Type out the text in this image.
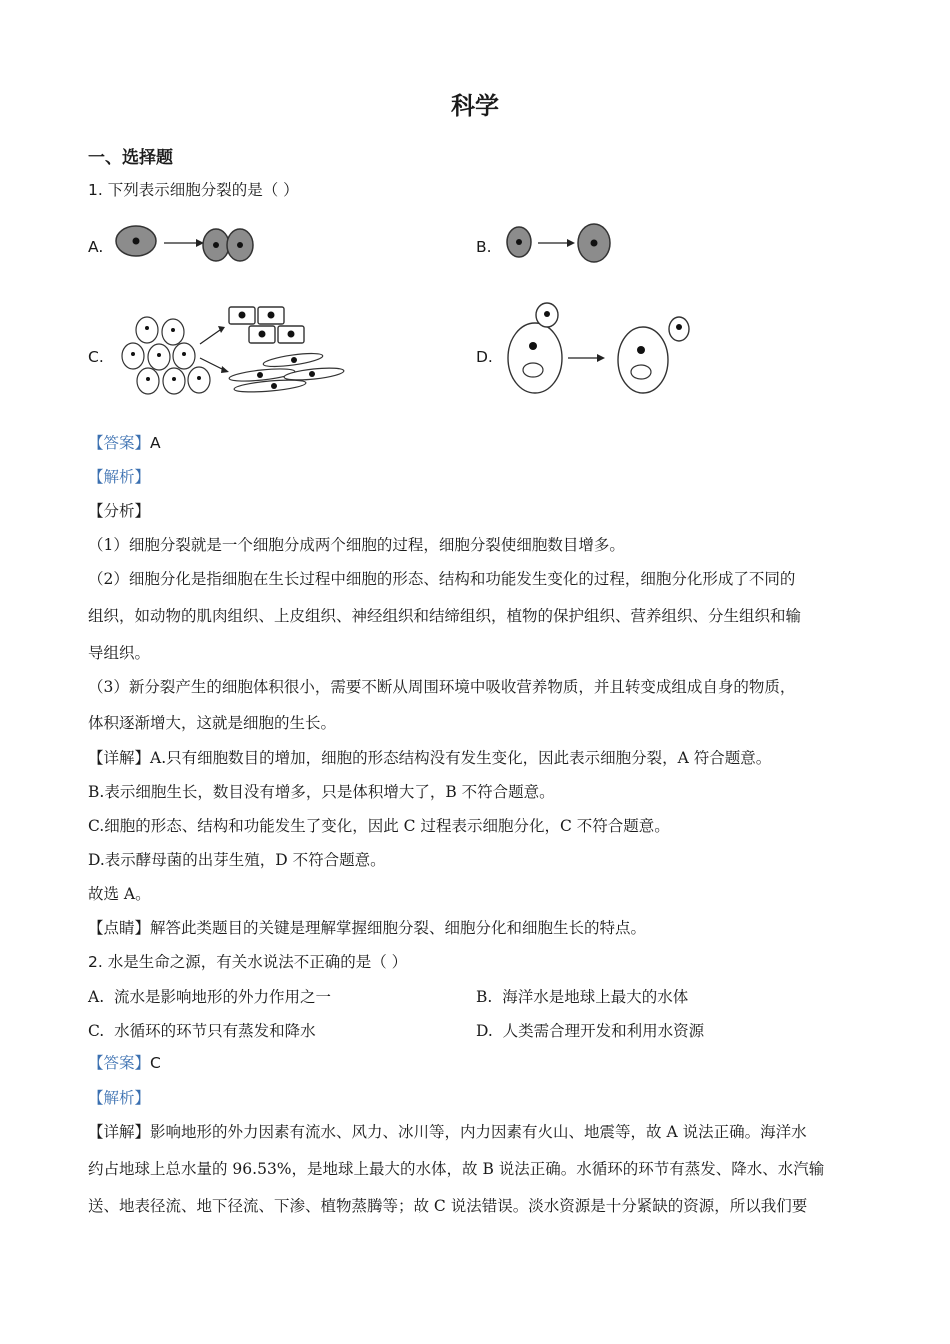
科学
一、选择题
1. 下列表示细胞分裂的是（ ）
A.	B.
C.	D.
【答案】A
【解析】
【分析】
（1）细胞分裂就是一个细胞分成两个细胞的过程，细胞分裂使细胞数目增多。
（2）细胞分化是指细胞在生长过程中细胞的形态、结构和功能发生变化的过程，细胞分化形成了不同的
组织，如动物的肌肉组织、上皮组织、神经组织和结缔组织，植物的保护组织、营养组织、分生组织和输
导组织。
（3）新分裂产生的细胞体积很小，需要不断从周围环境中吸收营养物质，并且转变成组成自身的物质，
体积逐渐增大，这就是细胞的生长。
【详解】A.只有细胞数目的增加，细胞的形态结构没有发生变化，因此表示细胞分裂，A 符合题意。
B.表示细胞生长，数目没有增多，只是体积增大了，B 不符合题意。
C.细胞的形态、结构和功能发生了变化，因此 C 过程表示细胞分化，C 不符合题意。
D.表示酵母菌的出芽生殖，D 不符合题意。
故选 A。
【点睛】解答此类题目的关键是理解掌握细胞分裂、细胞分化和细胞生长的特点。
2. 水是生命之源，有关水说法不正确的是（ ）
A. 流水是影响地形的外力作用之一	B. 海洋水是地球上最大的水体
C. 水循环的环节只有蒸发和降水	D. 人类需合理开发和利用水资源
【答案】C
【解析】
【详解】影响地形的外力因素有流水、风力、冰川等，内力因素有火山、地震等，故 A 说法正确。海洋水
约占地球上总水量的 96.53%，是地球上最大的水体，故 B 说法正确。水循环的环节有蒸发、降水、水汽输
送、地表径流、地下径流、下渗、植物蒸腾等；故 C 说法错误。淡水资源是十分紧缺的资源，所以我们要
